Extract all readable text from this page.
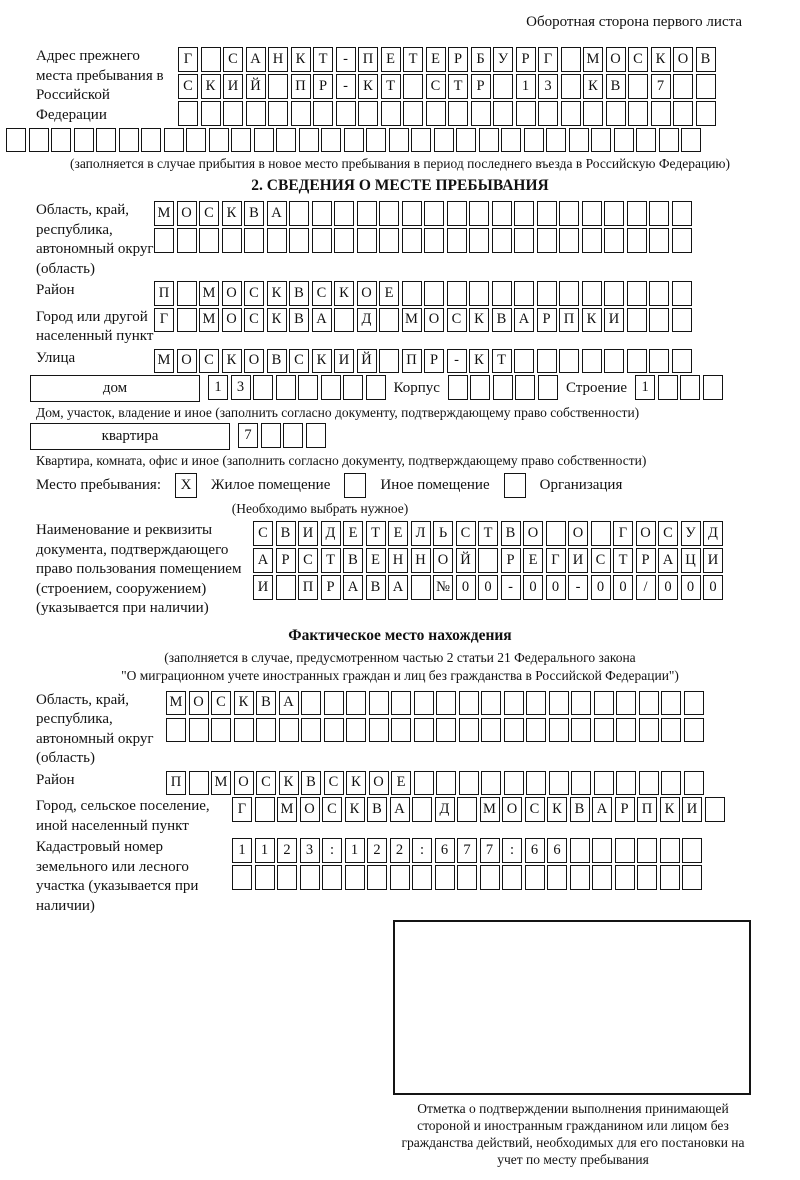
Оборотная сторона первого листа
Адрес прежнего места пребывания в Российской Федерации
Г	С А Н К Т	-	П Е Т Е Р Б У Р Г	М О С К О В
С К И Й	П Р	-	К Т	С Т Р	1	3	К В	7
(заполняется в случае прибытия в новое место пребывания в период последнего въезда в Российскую Федерацию)
2. СВЕДЕНИЯ О МЕСТЕ ПРЕБЫВАНИЯ
Область, край, республика, автономный округ (область)
М О С К В А
Район	П	М О С К В С К О Е
Город или другой населенный пункт
Г	М О С К В А	Д	М О С К В А Р П К И
Улица	М О С К О В С К И Й	П Р	-	К Т
дом	1	3	Корпус	Строение 1
Дом, участок, владение и иное (заполнить согласно документу, подтверждающему право собственности)
квартира	7
Квартира, комната, офис и иное (заполнить согласно документу, подтверждающему право собственности)
Место пребывания:	X	Жилое помещение	Иное помещение	Организация
(Необходимо выбрать нужное)
Наименование и реквизиты документа, подтверждающего право пользования помещением (строением, сооружением) (указывается при наличии)
С В И Д Е Т Е Л Ь С Т В О	О	Г О С У Д
А Р С Т В Е Н Н О Й	Р Е Г И С Т Р А Ц И
И	П Р А В А	№ 0	0	-	0	0	-	0	0	/	0	0	0
Фактическое место нахождения
(заполняется в случае, предусмотренном частью 2 статьи 21 Федерального закона
"О миграционном учете иностранных граждан и лиц без гражданства в Российской Федерации")
Область, край, республика, автономный округ (область)
М О С К В А
Район	П	М О С К В С К О Е
Город, сельское поселение, иной населенный пункт
Г	М О С К В А	Д	М О С К В А Р П К И
Кадастровый номер земельного или лесного участка (указывается при наличии)
1	1	2	3	:	1	2	2	:	6	7	7	:	6	6
Отметка о подтверждении выполнения принимающей стороной и иностранным гражданином или лицом без гражданства действий, необходимых для его постановки на учет по месту пребывания
